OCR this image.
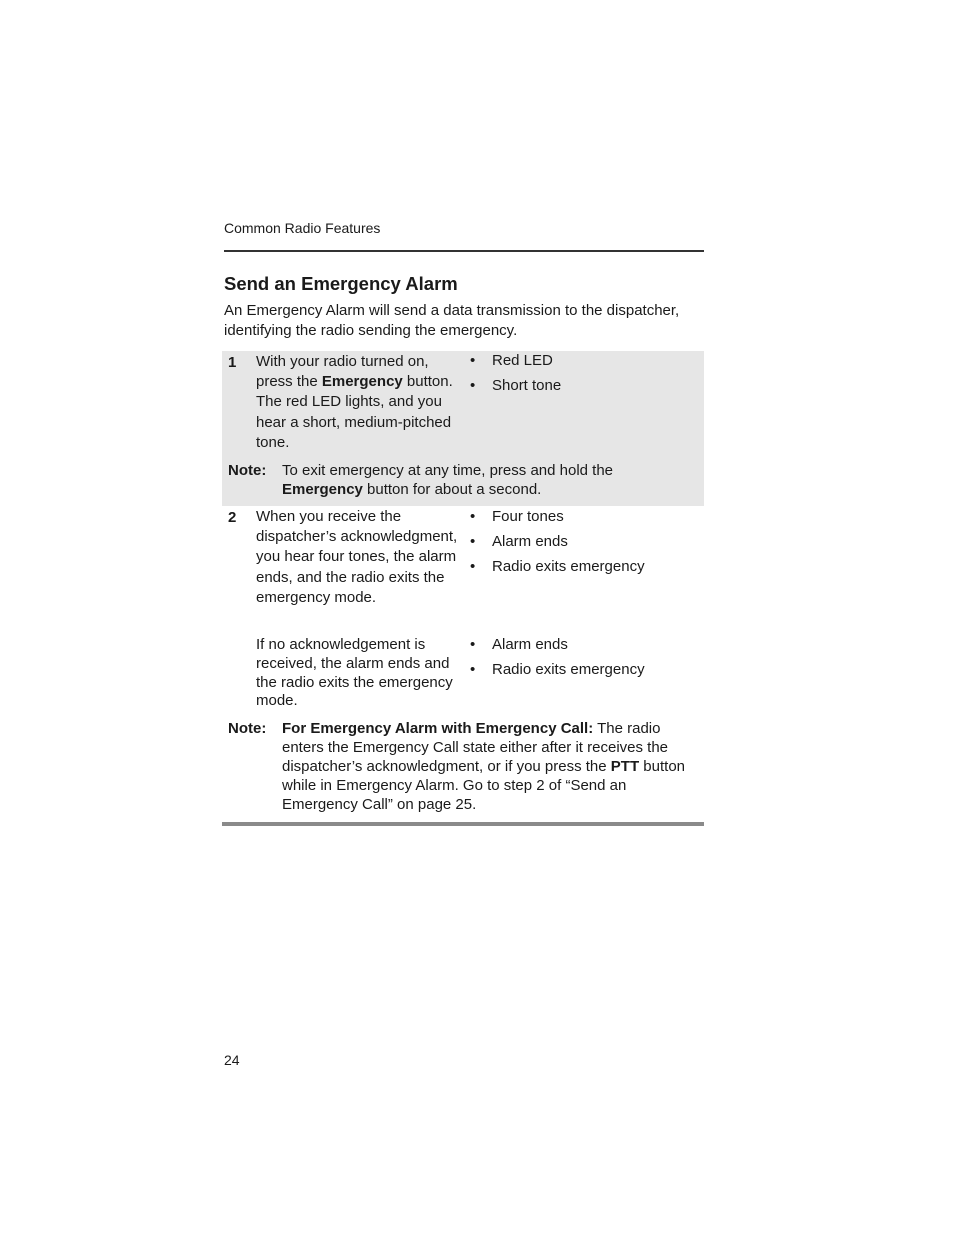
Common Radio Features
Send an Emergency Alarm

An Emergency Alarm will send a data transmission to the dispatcher, identifying the radio sending the emergency.

1 With your radio turned on, press the Emergency button. The red LED lights, and you hear a short, medium-pitched tone.

• Red LED
• Short tone
Note: To exit emergency at any time, press and hold the Emergency button for about a second.
2 When you receive the dispatcher’s acknowledgment, you hear four tones, the alarm ends, and the radio exits the emergency mode.

• Four tones
• Alarm ends
• Radio exits emergency

If no acknowledgement is received, the alarm ends and the radio exits the emergency mode.

• Alarm ends
• Radio exits emergency
Note: For Emergency Alarm with Emergency Call: The radio enters the Emergency Call state either after it receives the dispatcher’s acknowledgment, or if you press the PTT button while in Emergency Alarm. Go to step 2 of “Send an Emergency Call” on page 25.
24
